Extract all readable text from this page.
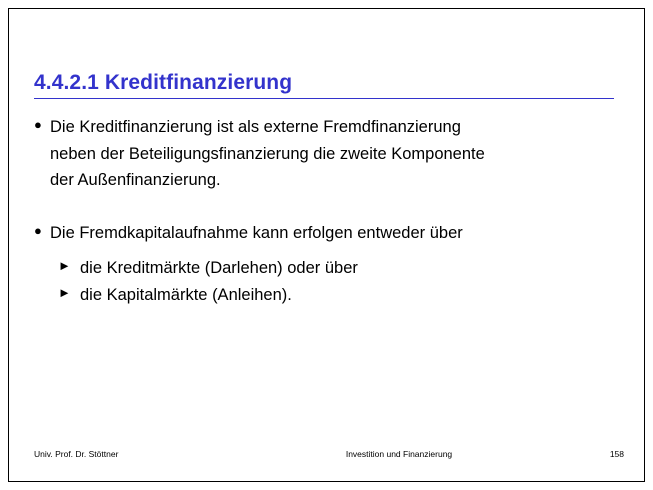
4.4.2.1 Kreditfinanzierung
● Die Kreditfinanzierung ist als externe Fremdfinanzierung
neben der Beteiligungsfinanzierung die zweite Komponente
der Außenfinanzierung.
● Die Fremdkapitalaufnahme kann erfolgen entweder über
► die Kreditmärkte (Darlehen) oder über
► die Kapitalmärkte (Anleihen).
Univ. Prof. Dr. Stöttner	Investition und Finanzierung	158
